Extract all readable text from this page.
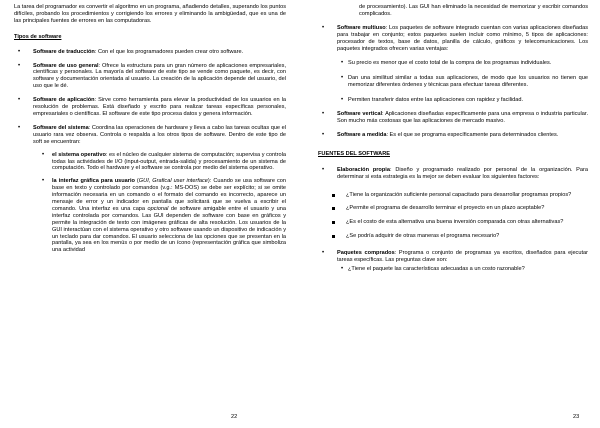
La tarea del programador es convertir el algoritmo en un programa, añadiendo detalles, superando los puntos difíciles, probando los procedimientos y corrigiendo los errores y eliminando la ambigüedad, que es una de las principales fuentes de errores en las computadoras.

Tipos de software
• Software de traducción: Con el que los programadores pueden crear otro software.
• Software de uso general: Ofrece la estructura para un gran número de aplicaciones empresariales, científicas y personales. La mayoría del software de este tipo se vende como paquete, es decir, con software y documentación orientada al usuario. La creación de la aplicación depende del usuario, del uso que le dé.
• Software de aplicación: Sirve como herramienta para elevar la productividad de los usuarios en la resolución de problemas. Está diseñado y escrito para realizar tareas específicas personales, empresariales o científicas. El software de este tipo procesa datos y genera información.
• Software del sistema: Coordina las operaciones de hardware y lleva a cabo las tareas ocultas que el usuario rara vez observa. Controla o respalda a los otros tipos de software. Dentro de este tipo de soft se encuentran:
• el sistema operativo: es el núcleo de cualquier sistema de computación; supervisa y controla todas las actividades de I/O (input-output, entrada-salida) y procesamiento de un sistema de computación. Todo el hardware y el software se controla por medio del sistema operativo.
• la interfaz gráfica para usuario (GUI, Grafical user interface): Cuando se usa software con base en texto y controlado por comandos (v.g.: MS-DOS) se debe ser explícito; si se omite información necesaria en un comando o el formato del comando es incorrecto, aparece un mensaje de error y un indicador en pantalla que solicitará que se vuelva a escribir el comando. Una interfaz es una capa opcional de software amigable entre el usuario y una interfaz controlada por comandos. Las GUI dependen de software con base en gráficos y permite la integración de texto con imágenes gráficas de alta resolución. Los usuarios de la GUI interactúan con el sistema operativo y otro software usando un dispositivo de indicación y un teclado para dar comandos. El usuario selecciona de las opciones que se presentan en la pantalla, ya sea en los menús o por medio de un ícono (representación gráfica que simboliza una actividad
22

de procesamiento). Las GUI han eliminado la necesidad de memorizar y escribir comandos complicados.

• Software multiuso: Los paquetes de software integrado cuentan con varias aplicaciones diseñadas para trabajar en conjunto; estos paquetes suelen incluir como mínimo, 5 tipos de aplicaciones: procesador de textos, base de datos, planilla de cálculo, gráficos y telecomunicaciones. Los paquetes integrados ofrecen varias ventajas:
• Su precio es menor que el costo total de la compra de los programas individuales.
• Dan una similitud similar a todas sus aplicaciones, de modo que los usuarios no tienen que memorizar diferentes órdenes y técnicas para efectuar tareas diferentes.
• Permiten transferir datos entre las aplicaciones con rapidez y facilidad.
• Software vertical: Aplicaciones diseñadas específicamente para una empresa o industria particular. Son mucho más costosas que las aplicaciones de mercado masivo.
• Software a medida: Es el que se programa específicamente para determinados clientes.
FUENTES DEL SOFTWARE
• Elaboración propia: Diseño y programado realizado por personal de la organización. Para determinar si esta estrategia es la mejor se deben evaluar los siguientes factores:
¿Tiene la organización suficiente personal capacitado para desarrollar programas propios?
¿Permite el programa de desarrollo terminar el proyecto en un plazo aceptable?
¿Es el costo de esta alternativa una buena inversión comparada con otras alternativas?
¿Se podría adquirir de otras maneras el programa necesario?
• Paquetes comprados: Programa o conjunto de programas ya escritos, diseñados para ejecutar tareas específicas. Las preguntas clave son:
• ¿Tiene el paquete las características adecuadas a un costo razonable?
23
